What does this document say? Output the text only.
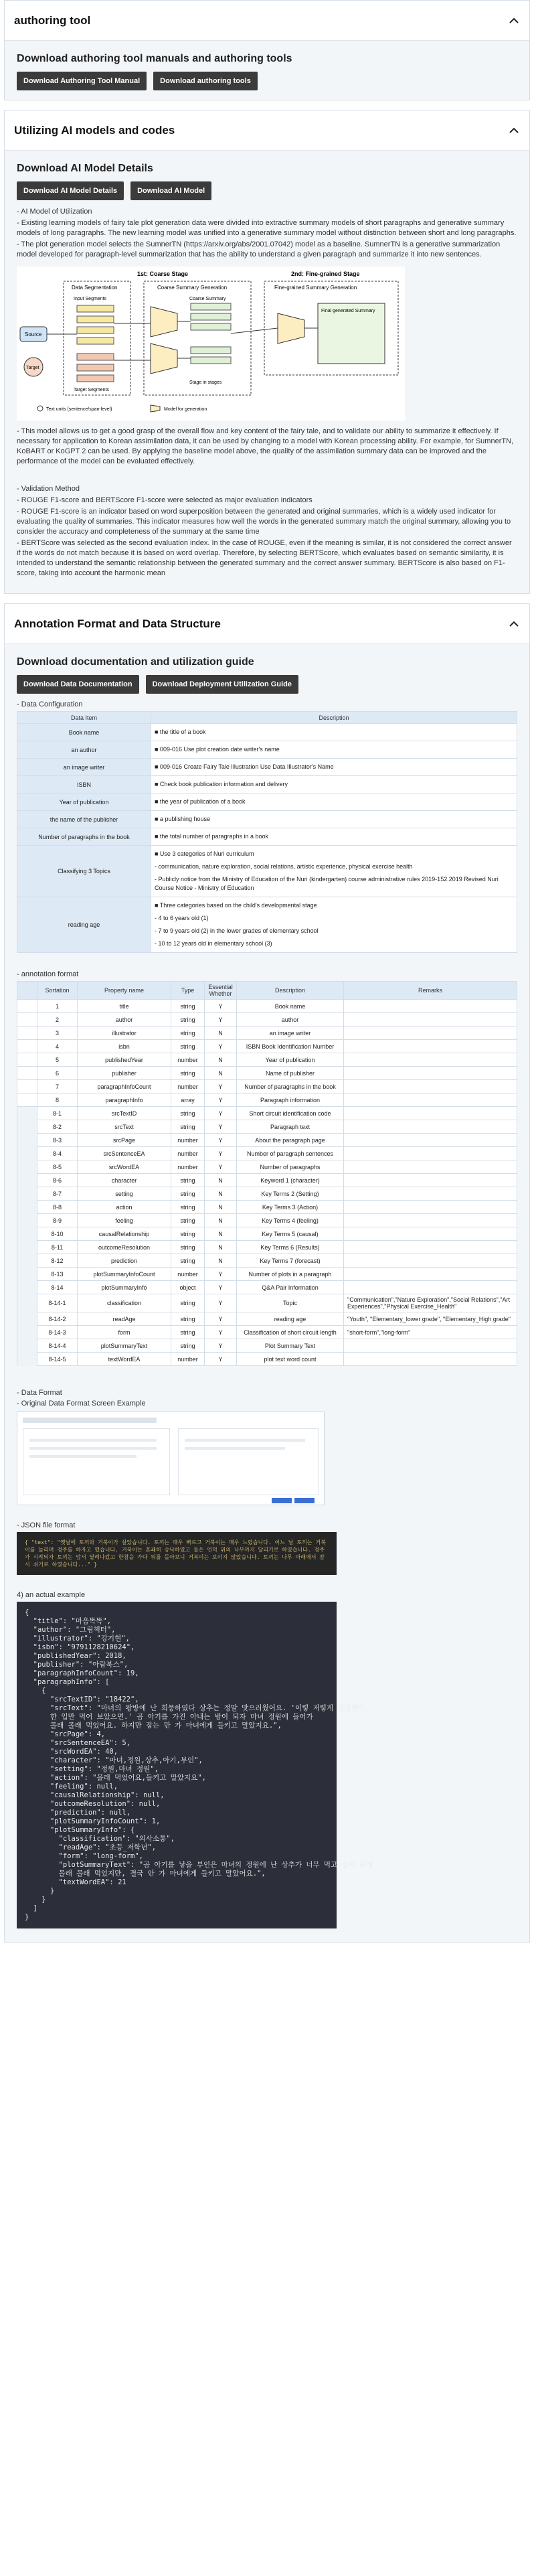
authoring tool
Download authoring tool manuals and authoring tools
Download Authoring Tool Manual	Download authoring tools
Utilizing AI models and codes
Download AI Model Details
Download AI Model Details	Download AI Model
- AI Model of Utilization
- Existing learning models of fairy tale plot generation data were divided into extractive summary models of short paragraphs and generative summary models of long paragraphs. The new learning model was unified into a generative summary model without distinction between short and long paragraphs.
- The plot generation model selects the SumnerTN (https://arxiv.org/abs/2001.07042) model as a baseline. SumnerTN is a generative summarization model developed for paragraph-level summarization that has the ability to understand a given paragraph and summarize it into new sentences.
1st: Coarse Stage	2nd: Fine-grained Stage
Data Segmentation
Input Segments
Target Segments
Coarse Summary Generation	Fine-grained Summary Generation
Source
Target
Coarse Summary
Stage in stages
Final generated Summary
Text units (sentence/span-level)	Model for generation
- This model allows us to get a good grasp of the overall flow and key content of the fairy tale, and to validate our ability to summarize it effectively. If necessary for application to Korean assimilation data, it can be used by changing to a model with Korean processing ability. For example, for SumnerTN, KoBART or KoGPT 2 can be used. By applying the baseline model above, the quality of the assimilation summary data can be improved and the performance of the model can be evaluated effectively.
- Validation Method
- ROUGE F1-score and BERTScore F1-score were selected as major evaluation indicators
- ROUGE F1-score is an indicator based on word superposition between the generated and original summaries, which is a widely used indicator for evaluating the quality of summaries. This indicator measures how well the words in the generated summary match the original summary, allowing you to consider the accuracy and completeness of the summary at the same time
- BERTScore was selected as the second evaluation index. In the case of ROUGE, even if the meaning is similar, it is not considered the correct answer if the words do not match because it is based on word overlap. Therefore, by selecting BERTScore, which evaluates based on semantic similarity, it is intended to understand the semantic relationship between the generated summary and the correct answer summary. BERTScore is also based on F1-score, taking into account the harmonic mean
Annotation Format and Data Structure
Download documentation and utilization guide
Download Data Documentation	Download Deployment Utilization Guide
- Data Configuration
Data Item	Description
Book name	■ the title of a book

an author	■ 009-016 Use plot creation date writer's name

an image writer	■ 009-016 Create Fairy Tale Illustration Use Data Illustrator's Name

ISBN	■ Check book publication information and delivery

Year of publication	■ the year of publication of a book

the name of the publisher	■ a publishing house

Number of paragraphs in the book	■ the total number of paragraphs in a book

Classifying 3 Topics	■ Use 3 categories of Nuri curriculum
- communication, nature exploration, social relations, artistic experience, physical exercise health
- Publicly notice from the Ministry of Education of the Nuri (kindergarten) course administrative rules 2019-152.2019 Revised Nuri Course Notice - Ministry of Education

reading age	■ Three categories based on the child's developmental stage
- 4 to 6 years old (1)
- 7 to 9 years old (2) in the lower grades of elementary school
- 10 to 12 years old in elementary school (3)
- annotation format
	Sortation	Property name	Type	Essential Whether	Description	Remarks
	1	title	string	Y	Book name	
	2	author	string	Y	author	
	3	illustrator	string	N	an image writer	
	4	isbn	string	Y	ISBN Book Identification Number	
	5	publishedYear	number	N	Year of publication	
	6	publisher	string	N	Name of publisher	
	7	paragraphInfoCount	number	Y	Number of paragraphs in the book	
	8	paragraphInfo	array	Y	Paragraph information	
	8-1	srcTextID	string	Y	Short circuit identification code	
	8-2	srcText	string	Y	Paragraph text	
	8-3	srcPage	number	Y	About the paragraph page	
	8-4	srcSentenceEA	number	Y	Number of paragraph sentences	
	8-5	srcWordEA	number	Y	Number of paragraphs	
	8-6	character	string	N	Keyword 1 (character)	
	8-7	setting	string	N	Key Terms 2 (Setting)	
	8-8	action	string	N	Key Terms 3 (Action)	
	8-9	feeling	string	N	Key Terms 4 (feeling)	
	8-10	causalRelationship	string	N	Key Terms 5 (causal)	
	8-11	outcomeResolution	string	N	Key Terms 6 (Results)	
	8-12	prediction	string	N	Key Terms 7 (forecast)	
	8-13	plotSummaryInfoCount	number	Y	Number of plots in a paragraph	
	8-14	plotSummaryInfo	object	Y	Q&A Pair Information	
	8-14-1	classification	string	Y	Topic	"Communication","Nature Exploration","Social Relations","Art Experiences","Physical Exercise_Health"
	8-14-2	readAge	string	Y	reading age	"Youth", "Elementary_lower grade", "Elementary_High grade"
	8-14-3	form	string	Y	Classification of short circuit length	"short-form","long-form"
	8-14-4	plotSummaryText	string	Y	Plot Summary Text	
	8-14-5	textWordEA	number	Y	plot text word count	
- Data Format
- Original Data Format Screen Example
- JSON file format
{ "text": "옛날에 토끼와 거북이가 살았습니다. 토끼는 매우 빠르고 거북이는 매우 느렸습니다. 어느 날 토끼는 거북이를 놀리며 경주를 하자고 했습니다. 거북이는 흔쾌히 승낙하였고 둘은 언덕 위의 나무까지 달리기로 하였습니다. 경주가 시작되자 토끼는 앞서 달려나갔고 한참을 가다 뒤를 돌아보니 거북이는 보이지 않았습니다. 토끼는 나무 아래에서 잠시 쉬기로 하였습니다..." }
4) an actual example
{
"title": "마음똑똑",
"author": "그림책터",
"illustrator": "강기현",
"isbn": "9791128210624",
"publishedYear": 2018,
"publisher": "아람북스",
"paragraphInfoCount": 19,
"paragraphInfo": [
{
"srcTextID": "18422",
"srcText": "마녀의 왕방에 난 희뭉하였다 상추는 정말 맛으러웠어요. '이렇 저렇게 싱싱할까,
한 입만 먹어 보았으면.' 곰 아기를 가진 아내는 밤이 되자 마녀 정원에 들어가
몰래 몰래 먹었어요. 하지만 잠는 만 가 마녀에게 들키고 말았지요.",
"srcPage": 4,
"srcSentenceEA": 5,
"srcWordEA": 40,
"character": "마녀,정원,상추,아기,부인",
"setting": "정원,마녀 정원",
"action": "몰래 먹었어요,들키고 말았지요",
"feeling": null,
"causalRelationship": null,
"outcomeResolution": null,
"prediction": null,
"plotSummaryInfoCount": 1,
"plotSummaryInfo": {
"classification": "의사소통",
"readAge": "초등_저학년",
"form": "long-form",
"plotSummaryText": "곰 아기를 낳을 부인은 마녀의 정원에 난 상추가 너무 먹고 싶어 몰래
몰래 몰래 먹었지만, 결국 안 가 마녀에게 들키고 말았어요.",
"textWordEA": 21
}
}
]
}
